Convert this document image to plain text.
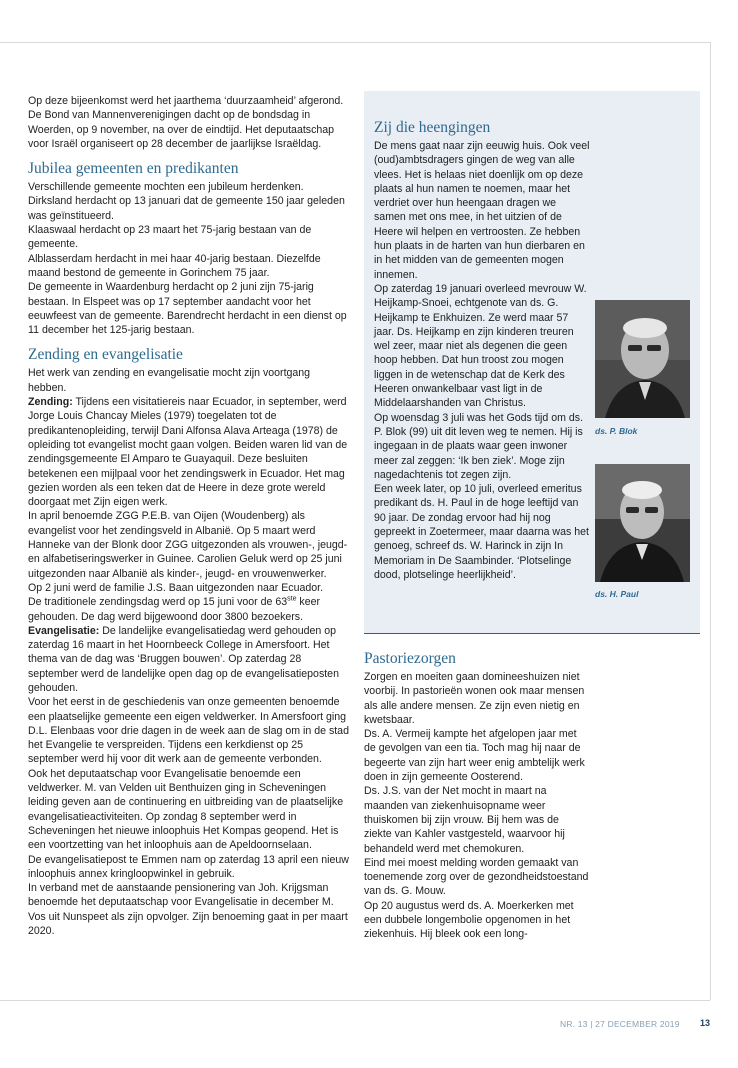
Op deze bijeenkomst werd het jaarthema ‘duurzaamheid’ afgerond. De Bond van Mannenverenigingen dacht op de bondsdag in Woerden, op 9 november, na over de eindtijd. Het deputaatschap voor Israël organiseert op 28 december de jaarlijkse Israëldag.

Jubilea gemeenten en predikanten

Verschillende gemeente mochten een jubileum herdenken.

Dirksland herdacht op 13 januari dat de gemeente 150 jaar geleden was geïnstitueerd.

Klaaswaal herdacht op 23 maart het 75-jarig bestaan van de gemeente.

Alblasserdam herdacht in mei haar 40-jarig bestaan. Diezelfde maand bestond de gemeente in Gorinchem 75 jaar.

De gemeente in Waardenburg herdacht op 2 juni zijn 75-jarig bestaan. In Elspeet was op 17 september aandacht voor het eeuwfeest van de gemeente. Barendrecht herdacht in een dienst op 11 december het 125-jarig bestaan.

Zending en evangelisatie

Het werk van zending en evangelisatie mocht zijn voortgang hebben.

Zending: Tijdens een visitatiereis naar Ecuador, in september, werd Jorge Louis Chancay Mieles (1979) toegelaten tot de predikantenopleiding, terwijl Dani Alfonsa Alava Arteaga (1978) de opleiding tot evangelist mocht gaan volgen. Beiden waren lid van de zendingsgemeente El Amparo te Guayaquil. Deze besluiten betekenen een mijlpaal voor het zendingswerk in Ecuador. Het mag gezien worden als een teken dat de Heere in deze grote wereld doorgaat met Zijn eigen werk.

In april benoemde ZGG P.E.B. van Oijen (Woudenberg) als evangelist voor het zendingsveld in Albanië. Op 5 maart werd Hanneke van der Blonk door ZGG uitgezonden als vrouwen-, jeugd- en alfabetiseringswerker in Guinee. Carolien Geluk werd op 25 juni uitgezonden naar Albanië als kinder-, jeugd- en vrouwenwerker.

Op 2 juni werd de familie J.S. Baan uitgezonden naar Ecuador.

De traditionele zendingsdag werd op 15 juni voor de 63ste keer gehouden. De dag werd bijgewoond door 3800 bezoekers.

Evangelisatie: De landelijke evangelisatiedag werd gehouden op zaterdag 16 maart in het Hoornbeeck College in Amersfoort. Het thema van de dag was ‘Bruggen bouwen’. Op zaterdag 28 september werd de landelijke open dag op de evangelisatieposten gehouden.

Voor het eerst in de geschiedenis van onze gemeenten benoemde een plaatselijke gemeente een eigen veldwerker. In Amersfoort ging D.L. Elenbaas voor drie dagen in de week aan de slag om in de stad het Evangelie te verspreiden. Tijdens een kerkdienst op 25 september werd hij voor dit werk aan de gemeente verbonden.

Ook het deputaatschap voor Evangelisatie benoemde een veldwerker. M. van Velden uit Benthuizen ging in Scheveningen leiding geven aan de continuering en uitbreiding van de plaatselijke evangelisatieactiviteiten. Op zondag 8 september werd in Scheveningen het nieuwe inloophuis Het Kompas geopend. Het is een voortzetting van het inloophuis aan de Apeldoornselaan.

De evangelisatiepost te Emmen nam op zaterdag 13 april een nieuw inloophuis annex kringloopwinkel in gebruik.

In verband met de aanstaande pensionering van Joh. Krijgsman benoemde het deputaatschap voor Evangelisatie in december M. Vos uit Nunspeet als zijn opvolger. Zijn benoeming gaat in per maart 2020.

Zij die heengingen

De mens gaat naar zijn eeuwig huis. Ook veel (oud)ambtsdragers gingen de weg van alle vlees. Het is helaas niet doenlijk om op deze plaats al hun namen te noemen, maar het verdriet over hun heengaan dragen we samen met ons mee, in het uitzien of de Heere wil helpen en vertroosten. Ze hebben hun plaats in de harten van hun dierbaren en in het midden van de gemeenten mogen innemen.

Op zaterdag 19 januari overleed mevrouw W. Heijkamp-Snoei, echtgenote van ds. G. Heijkamp te Enkhuizen. Ze werd maar 57 jaar. Ds. Heijkamp en zijn kinderen treuren wel zeer, maar niet als degenen die geen hoop hebben. Dat hun troost zou mogen liggen in de wetenschap dat de Kerk des Heeren onwankelbaar vast ligt in de Middelaarshanden van Christus.

Op woensdag 3 juli was het Gods tijd om ds. P. Blok (99) uit dit leven weg te nemen. Hij is ingegaan in de plaats waar geen inwoner meer zal zeggen: ‘Ik ben ziek’. Moge zijn nagedachtenis tot zegen zijn.

Een week later, op 10 juli, overleed emeritus predikant ds. H. Paul in de hoge leeftijd van 90 jaar. De zondag ervoor had hij nog gepreekt in Zoetermeer, maar daarna was het genoeg, schreef ds. W. Harinck in zijn In Memoriam in De Saambinder. ‘Plotselinge dood, plotselinge heerlijkheid’.

ds. P. Blok
ds. H. Paul
Pastoriezorgen

Zorgen en moeiten gaan domineeshuizen niet voorbij. In pastorieën wonen ook maar mensen als alle andere mensen. Ze zijn even nietig en kwetsbaar.

Ds. A. Vermeij kampte het afgelopen jaar met de gevolgen van een tia. Toch mag hij naar de begeerte van zijn hart weer enig ambtelijk werk doen in zijn gemeente Oosterend.

Ds. J.S. van der Net mocht in maart na maanden van ziekenhuisopname weer thuiskomen bij zijn vrouw. Bij hem was de ziekte van Kahler vastgesteld, waarvoor hij behandeld werd met chemokuren.

Eind mei moest melding worden gemaakt van toenemende zorg over de gezondheidstoestand van ds. G. Mouw.

Op 20 augustus werd ds. A. Moerkerken met een dubbele longembolie opgenomen in het ziekenhuis. Hij bleek ook een long-

NR. 13 | 27 DECEMBER 2019 13
